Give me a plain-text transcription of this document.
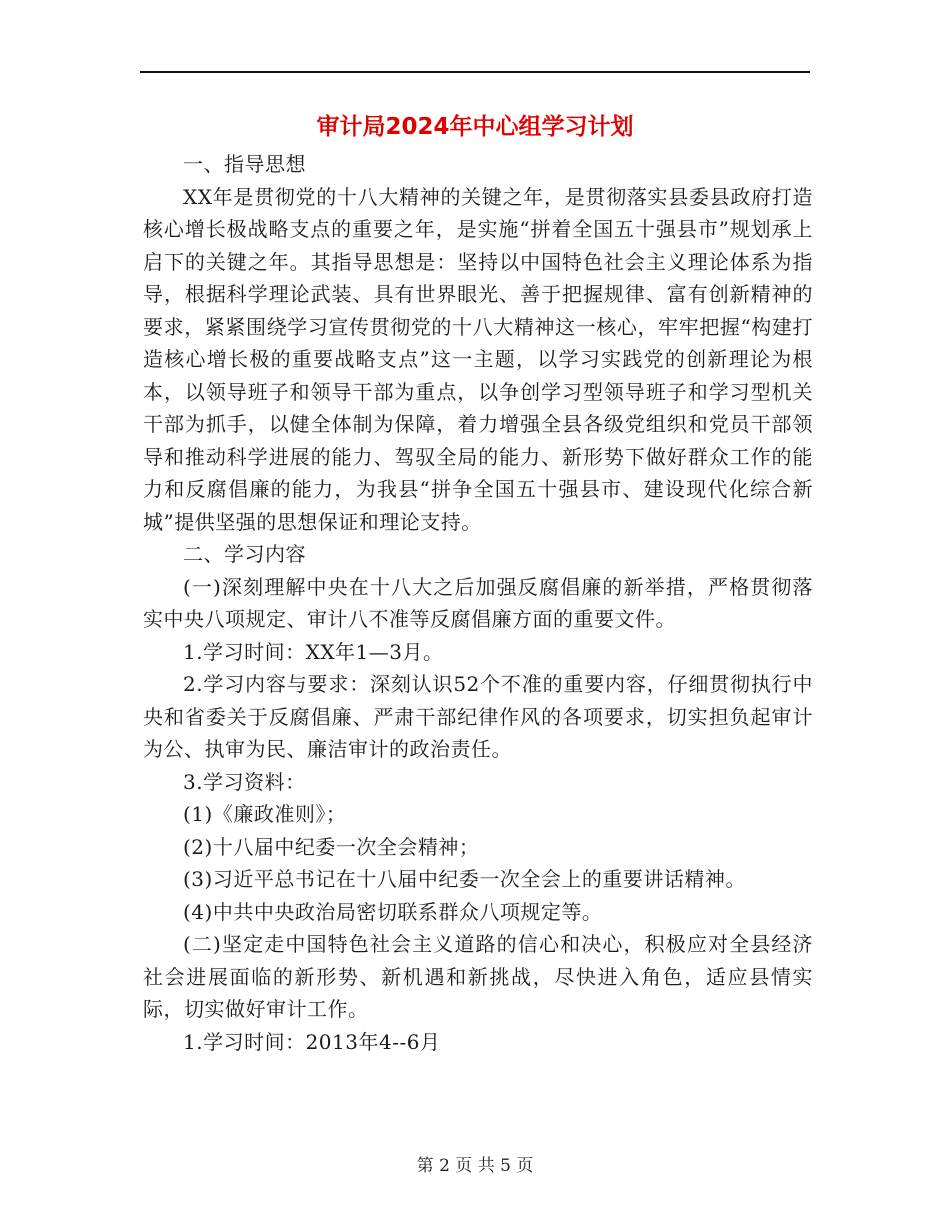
审计局2024年中心组学习计划

一、指导思想

XX年是贯彻党的十八大精神的关键之年，是贯彻落实县委县政府打造核心增长极战略支点的重要之年，是实施“拼着全国五十强县市”规划承上启下的关键之年。其指导思想是：坚持以中国特色社会主义理论体系为指导，根据科学理论武装、具有世界眼光、善于把握规律、富有创新精神的要求，紧紧围绕学习宣传贯彻党的十八大精神这一核心，牢牢把握“构建打造核心增长极的重要战略支点”这一主题，以学习实践党的创新理论为根本，以领导班子和领导干部为重点，以争创学习型领导班子和学习型机关干部为抓手，以健全体制为保障，着力增强全县各级党组织和党员干部领导和推动科学进展的能力、驾驭全局的能力、新形势下做好群众工作的能力和反腐倡廉的能力，为我县“拼争全国五十强县市、建设现代化综合新城”提供坚强的思想保证和理论支持。

二、学习内容

(一)深刻理解中央在十八大之后加强反腐倡廉的新举措，严格贯彻落实中央八项规定、审计八不准等反腐倡廉方面的重要文件。

1.学习时间：XX年1—3月。

2.学习内容与要求：深刻认识52个不准的重要内容，仔细贯彻执行中央和省委关于反腐倡廉、严肃干部纪律作风的各项要求，切实担负起审计为公、执审为民、廉洁审计的政治责任。

3.学习资料：

(1)《廉政准则》；

(2)十八届中纪委一次全会精神；

(3)习近平总书记在十八届中纪委一次全会上的重要讲话精神。

(4)中共中央政治局密切联系群众八项规定等。

(二)坚定走中国特色社会主义道路的信心和决心，积极应对全县经济社会进展面临的新形势、新机遇和新挑战，尽快进入角色，适应县情实际，切实做好审计工作。

1.学习时间：2013年4--6月

第 2 页 共 5 页
